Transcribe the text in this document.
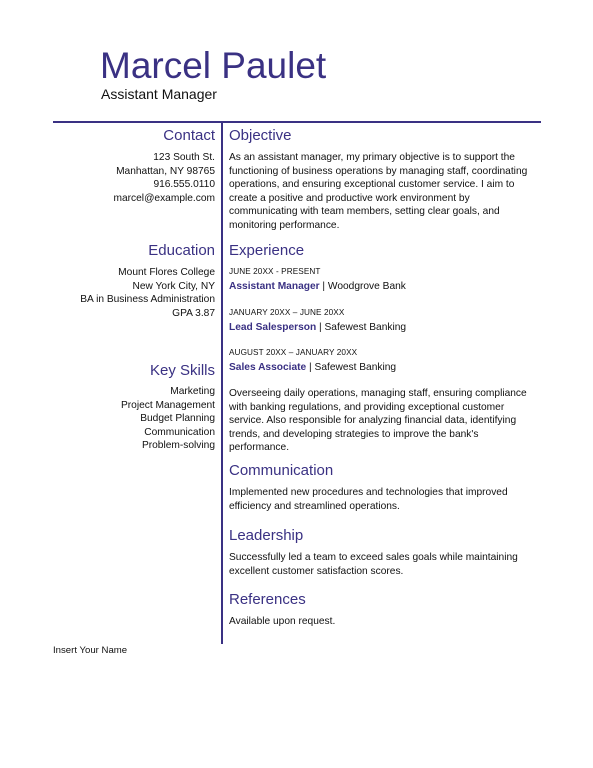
Marcel Paulet
Assistant Manager
Contact
123 South St.
Manhattan, NY 98765
916.555.0110
marcel@example.com
Education
Mount Flores College
New York City, NY
BA in Business Administration
GPA 3.87
Key Skills
Marketing
Project Management
Budget Planning
Communication
Problem-solving
Objective
As an assistant manager, my primary objective is to support the functioning of business operations by managing staff, coordinating operations, and ensuring exceptional customer service. I aim to create a positive and productive work environment by communicating with team members, setting clear goals, and monitoring performance.
Experience
JUNE 20XX - PRESENT
Assistant Manager | Woodgrove Bank
JANUARY 20XX – JUNE 20XX
Lead Salesperson | Safewest Banking
AUGUST 20XX – JANUARY 20XX
Sales Associate | Safewest Banking
Overseeing daily operations, managing staff, ensuring compliance with banking regulations, and providing exceptional customer service. Also responsible for analyzing financial data, identifying trends, and developing strategies to improve the bank's performance.
Communication
Implemented new procedures and technologies that improved efficiency and streamlined operations.
Leadership
Successfully led a team to exceed sales goals while maintaining excellent customer satisfaction scores.
References
Available upon request.
Insert Your Name
